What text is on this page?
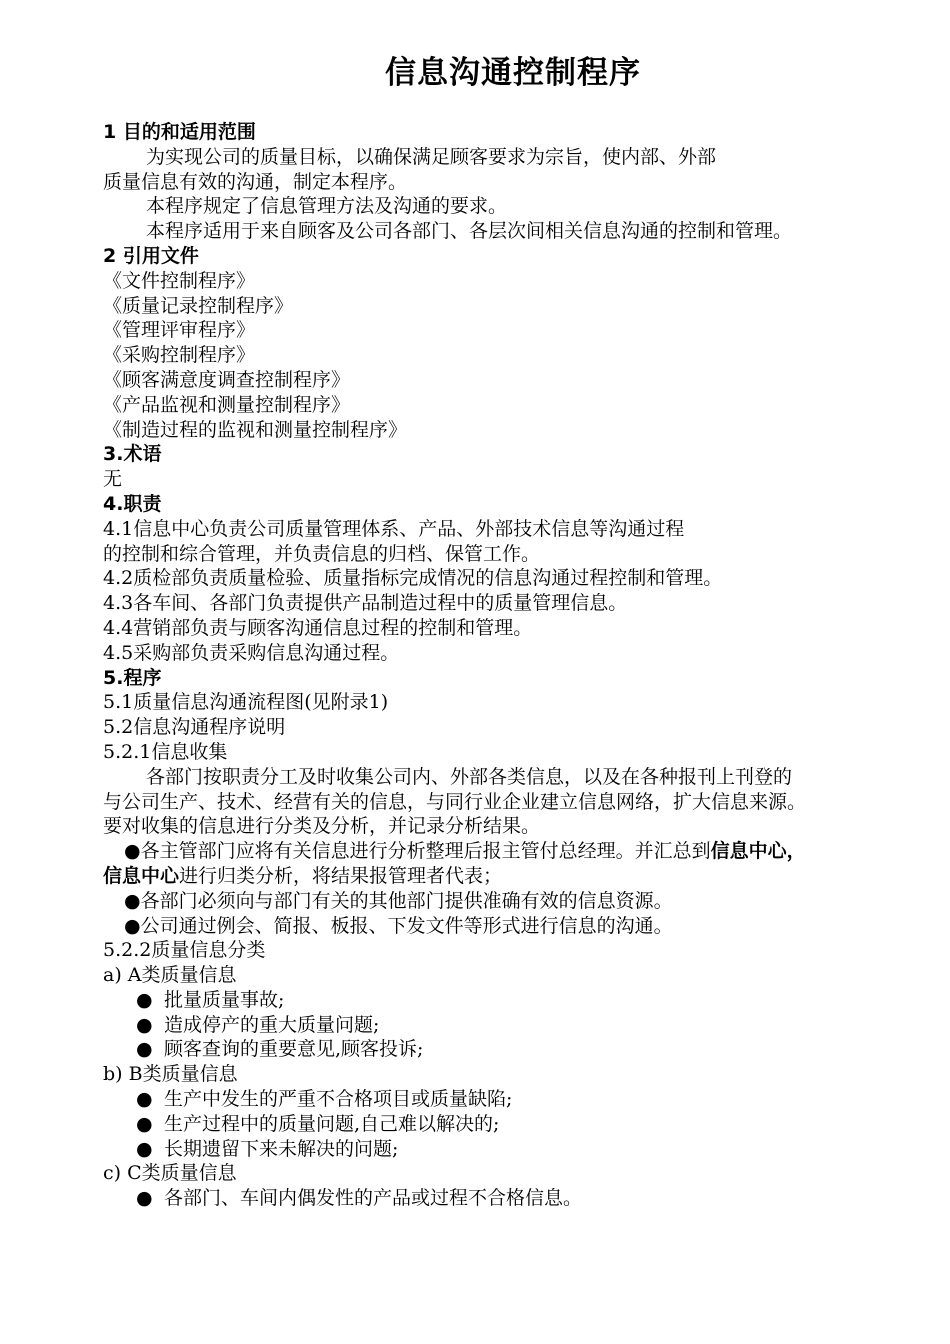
信息沟通控制程序
1 目的和适用范围
为实现公司的质量目标，以确保满足顾客要求为宗旨，使内部、外部
质量信息有效的沟通，制定本程序。
本程序规定了信息管理方法及沟通的要求。
本程序适用于来自顾客及公司各部门、各层次间相关信息沟通的控制和管理。
2 引用文件
《文件控制程序》
《质量记录控制程序》
《管理评审程序》
《采购控制程序》
《顾客满意度调查控制程序》
《产品监视和测量控制程序》
《制造过程的监视和测量控制程序》
3.术语
无
4.职责
4.1信息中心负责公司质量管理体系、产品、外部技术信息等沟通过程
的控制和综合管理，并负责信息的归档、保管工作。
4.2质检部负责质量检验、质量指标完成情况的信息沟通过程控制和管理。
4.3各车间、各部门负责提供产品制造过程中的质量管理信息。
4.4营销部负责与顾客沟通信息过程的控制和管理。
4.5采购部负责采购信息沟通过程。
5.程序
5.1质量信息沟通流程图(见附录1)
5.2信息沟通程序说明
5.2.1信息收集
各部门按职责分工及时收集公司内、外部各类信息，以及在各种报刊上刊登的
与公司生产、技术、经营有关的信息，与同行业企业建立信息网络，扩大信息来源。
要对收集的信息进行分类及分析，并记录分析结果。
●各主管部门应将有关信息进行分析整理后报主管付总经理。并汇总到信息中心，
信息中心进行归类分析，将结果报管理者代表；
●各部门必须向与部门有关的其他部门提供准确有效的信息资源。
●公司通过例会、简报、板报、下发文件等形式进行信息的沟通。
5.2.2质量信息分类
a) A类质量信息
● 批量质量事故;
● 造成停产的重大质量问题;
● 顾客查询的重要意见,顾客投诉;
b) B类质量信息
● 生产中发生的严重不合格项目或质量缺陷;
● 生产过程中的质量问题,自己难以解决的;
● 长期遗留下来未解决的问题;
c) C类质量信息
● 各部门、车间内偶发性的产品或过程不合格信息。
